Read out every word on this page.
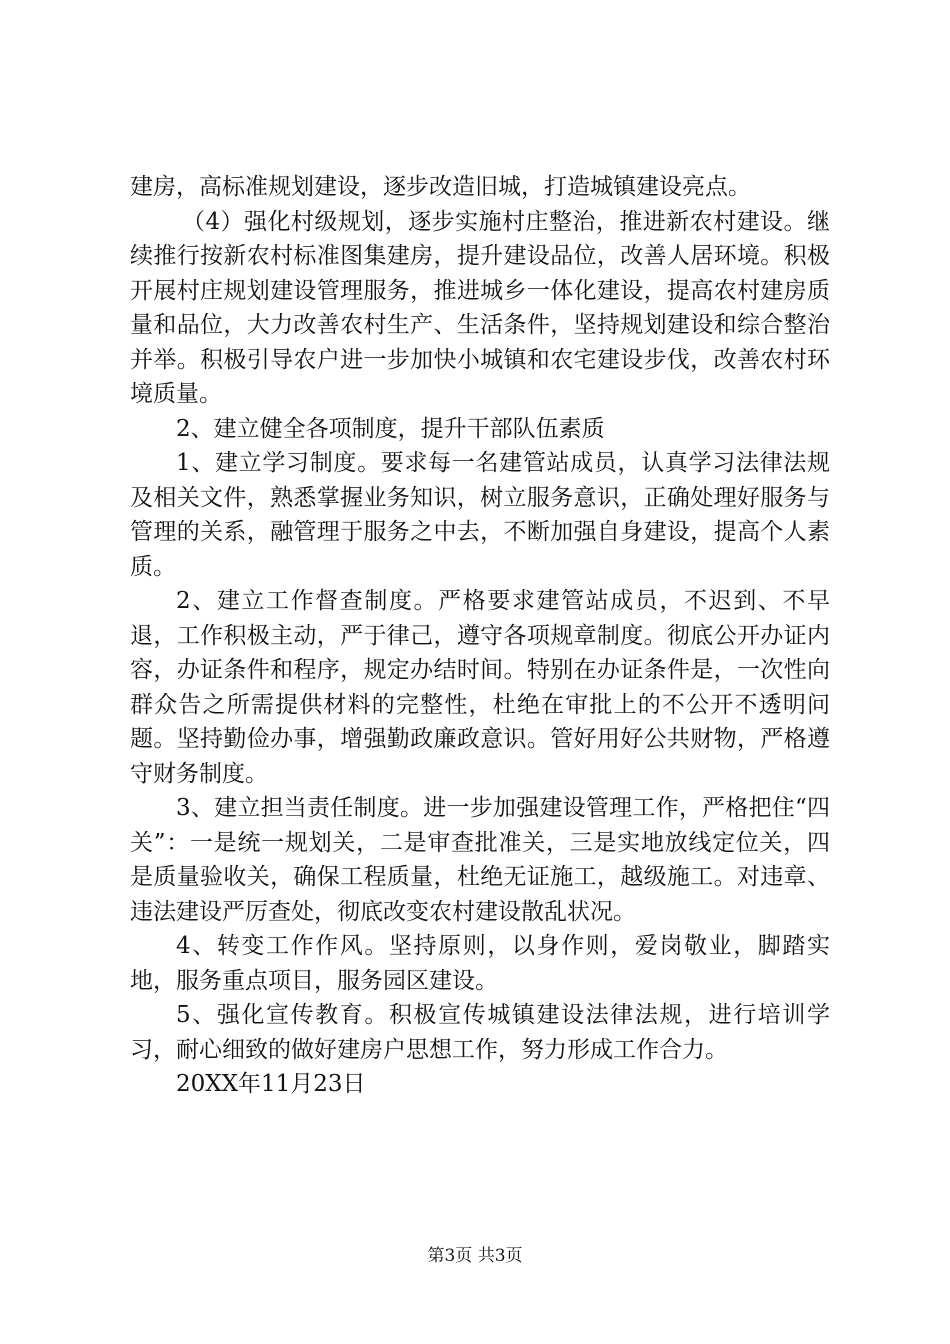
建房，高标准规划建设，逐步改造旧城，打造城镇建设亮点。

（4）强化村级规划，逐步实施村庄整治，推进新农村建设。继续推行按新农村标准图集建房，提升建设品位，改善人居环境。积极开展村庄规划建设管理服务，推进城乡一体化建设，提高农村建房质量和品位，大力改善农村生产、生活条件，坚持规划建设和综合整治并举。积极引导农户进一步加快小城镇和农宅建设步伐，改善农村环境质量。

2、建立健全各项制度，提升干部队伍素质

1、建立学习制度。要求每一名建管站成员，认真学习法律法规及相关文件，熟悉掌握业务知识，树立服务意识，正确处理好服务与管理的关系，融管理于服务之中去，不断加强自身建设，提高个人素质。

2、建立工作督查制度。严格要求建管站成员，不迟到、不早退，工作积极主动，严于律己，遵守各项规章制度。彻底公开办证内容，办证条件和程序，规定办结时间。特别在办证条件是，一次性向群众告之所需提供材料的完整性，杜绝在审批上的不公开不透明问题。坚持勤俭办事，增强勤政廉政意识。管好用好公共财物，严格遵守财务制度。

3、建立担当责任制度。进一步加强建设管理工作，严格把住“四关”：一是统一规划关，二是审查批准关，三是实地放线定位关，四是质量验收关，确保工程质量，杜绝无证施工，越级施工。对违章、违法建设严厉查处，彻底改变农村建设散乱状况。

4、转变工作作风。坚持原则，以身作则，爱岗敬业，脚踏实地，服务重点项目，服务园区建设。

5、强化宣传教育。积极宣传城镇建设法律法规，进行培训学习，耐心细致的做好建房户思想工作，努力形成工作合力。

20XX年11月23日

第3页 共3页
